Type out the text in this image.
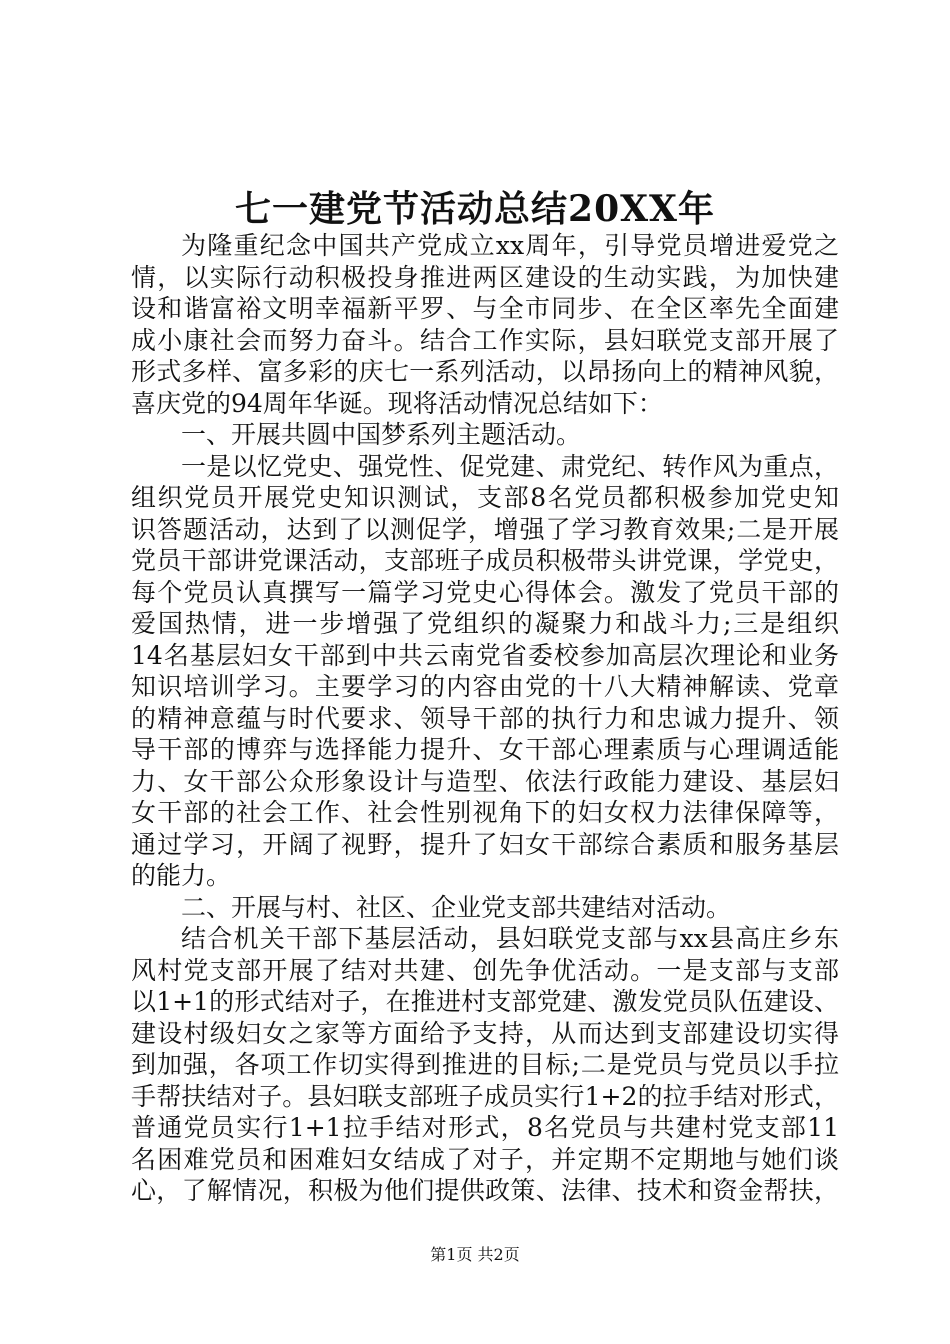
七一建党节活动总结20XX年
为隆重纪念中国共产党成立xx周年，引导党员增进爱党之
情，以实际行动积极投身推进两区建设的生动实践，为加快建
设和谐富裕文明幸福新平罗、与全市同步、在全区率先全面建
成小康社会而努力奋斗。结合工作实际，县妇联党支部开展了
形式多样、富多彩的庆七一系列活动，以昂扬向上的精神风貌，
喜庆党的94周年华诞。现将活动情况总结如下：
一、开展共圆中国梦系列主题活动。
一是以忆党史、强党性、促党建、肃党纪、转作风为重点，
组织党员开展党史知识测试，支部8名党员都积极参加党史知
识答题活动，达到了以测促学，增强了学习教育效果;二是开展
党员干部讲党课活动，支部班子成员积极带头讲党课，学党史，
每个党员认真撰写一篇学习党史心得体会。激发了党员干部的
爱国热情，进一步增强了党组织的凝聚力和战斗力;三是组织
14名基层妇女干部到中共云南党省委校参加高层次理论和业务
知识培训学习。主要学习的内容由党的十八大精神解读、党章
的精神意蕴与时代要求、领导干部的执行力和忠诚力提升、领
导干部的博弈与选择能力提升、女干部心理素质与心理调适能
力、女干部公众形象设计与造型、依法行政能力建设、基层妇
女干部的社会工作、社会性别视角下的妇女权力法律保障等，
通过学习，开阔了视野，提升了妇女干部综合素质和服务基层
的能力。
二、开展与村、社区、企业党支部共建结对活动。
结合机关干部下基层活动，县妇联党支部与xx县高庄乡东
风村党支部开展了结对共建、创先争优活动。一是支部与支部
以1+1的形式结对子，在推进村支部党建、激发党员队伍建设、
建设村级妇女之家等方面给予支持，从而达到支部建设切实得
到加强，各项工作切实得到推进的目标;二是党员与党员以手拉
手帮扶结对子。县妇联支部班子成员实行1+2的拉手结对形式，
普通党员实行1+1拉手结对形式，8名党员与共建村党支部11
名困难党员和困难妇女结成了对子，并定期不定期地与她们谈
心，了解情况，积极为他们提供政策、法律、技术和资金帮扶，
第1页 共2页
